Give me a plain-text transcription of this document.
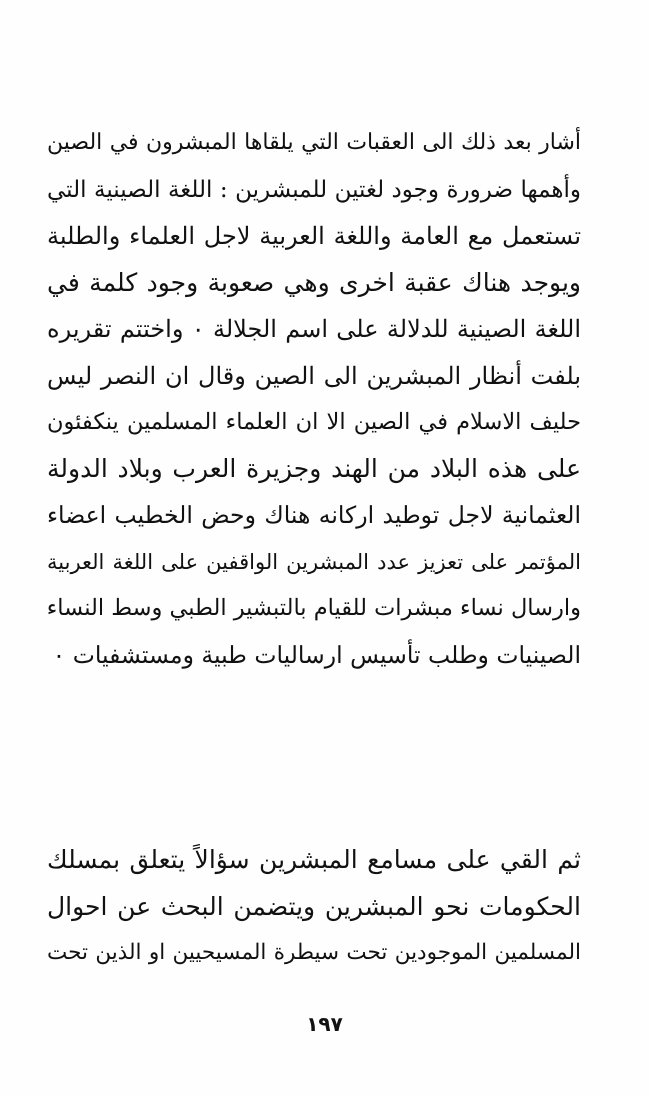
أشار بعد ذلك الى العقبات التي يلقاها المبشرون في الصين
وأهمها ضرورة وجود لغتين للمبشرين : اللغة الصينية التي
تستعمل مع العامة واللغة العربية لاجل العلماء والطلبة
ويوجد هناك عقبة اخرى وهي صعوبة وجود كلمة في
اللغة الصينية للدلالة على اسم الجلالة ٠ واختتم تقريره
بلفت أنظار المبشرين الى الصين وقال ان النصر ليس
حليف الاسلام في الصين الا ان العلماء المسلمين ينكفئون
على هذه البلاد من الهند وجزيرة العرب وبلاد الدولة
العثمانية لاجل توطيد اركانه هناك وحض الخطيب اعضاء
المؤتمر على تعزيز عدد المبشرين الواقفين على اللغة العربية
وارسال نساء مبشرات للقيام بالتبشير الطبي وسط النساء
الصينيات وطلب تأسيس ارساليات طبية ومستشفيات ٠
ثم القي على مسامع المبشرين سؤالاً يتعلق بمسلك
الحكومات نحو المبشرين ويتضمن البحث عن احوال
المسلمين الموجودين تحت سيطرة المسيحيين او الذين تحت
١٩٧
